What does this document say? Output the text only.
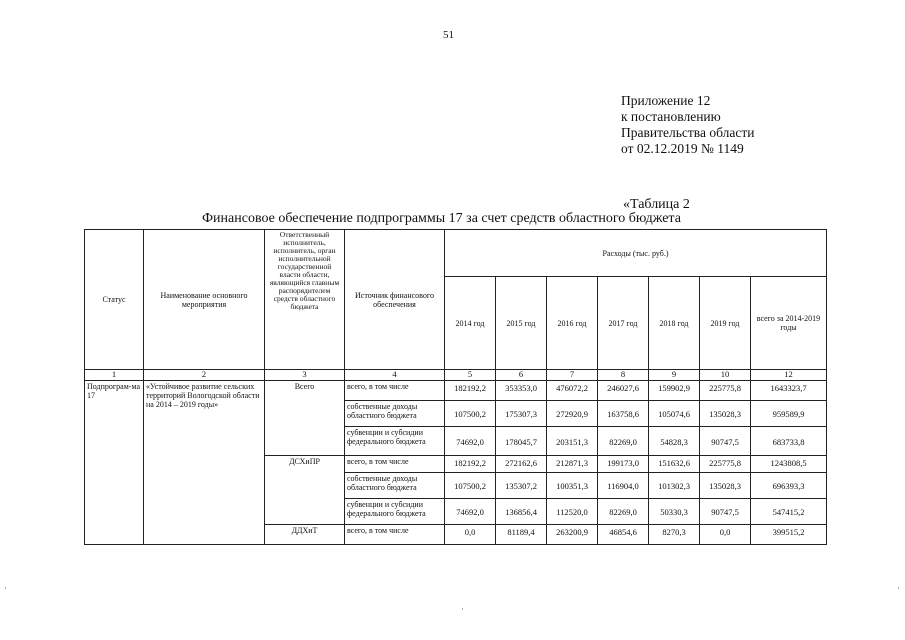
51
Приложение 12
к постановлению
Правительства области
от 02.12.2019 № 1149
«Таблица 2
Финансовое обеспечение подпрограммы 17 за счет средств областного бюджета
Статус	Наименование основного мероприятия	Ответственный исполнитель, исполнитель, орган исполнительной государственной власти области, являющийся главным распорядителем средств областного бюджета	Источник финансового обеспечения	Расходы (тыс. руб.)						
				2014 год	2015 год	2016 год	2017 год	2018 год	2019 год	всего за 2014-2019 годы
1	2	3	4	5	6	7	8	9	10	12
Подпрограм-ма 17	«Устойчивое развитие сельских территорий Вологодской области на 2014 – 2019 годы»	Всего	всего, в том числе	182192,2	353353,0	476072,2	246027,6	159902,9	225775,8	1643323,7
			собственные доходы областного бюджета	107500,2	175307,3	272920,9	163758,6	105074,6	135028,3	959589,9
			субвенции и субсидии федерального бюджета	74692,0	178045,7	203151,3	82269,0	54828,3	90747,5	683733,8
		ДСХиПР	всего, в том числе	182192,2	272162,6	212871,3	199173,0	151632,6	225775,8	1243808,5
			собственные доходы областного бюджета	107500,2	135307,2	100351,3	116904,0	101302,3	135028,3	696393,3
			субвенции и субсидии федерального бюджета	74692,0	136856,4	112520,0	82269,0	50330,3	90747,5	547415,2
		ДДХиТ	всего, в том числе	0,0	81189,4	263200,9	46854,6	8270,3	0,0	399515,2
·	·
·
